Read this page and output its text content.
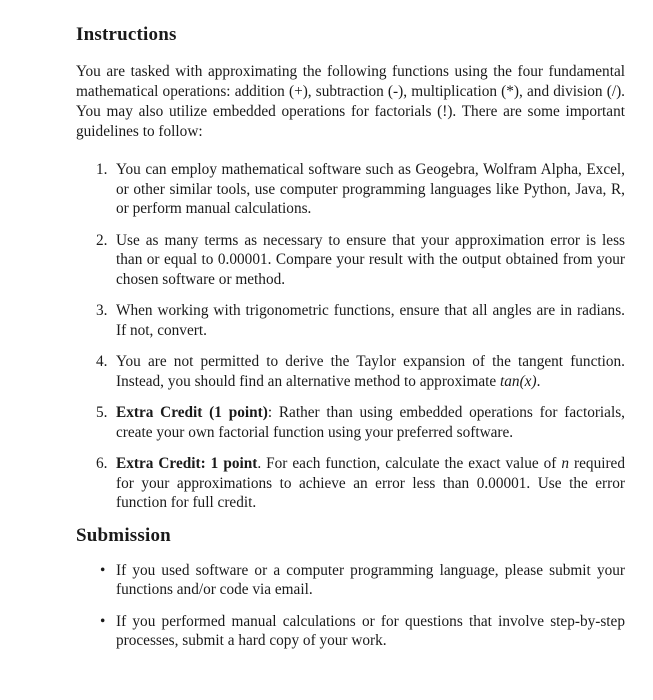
Instructions

You are tasked with approximating the following functions using the four fundamental mathematical operations: addition (+), subtraction (-), multiplication (*), and division (/). You may also utilize embedded operations for factorials (!). There are some important guidelines to follow:

1. You can employ mathematical software such as Geogebra, Wolfram Alpha, Excel, or other similar tools, use computer programming languages like Python, Java, R, or perform manual calculations.
2. Use as many terms as necessary to ensure that your approximation error is less than or equal to 0.00001. Compare your result with the output obtained from your chosen software or method.
3. When working with trigonometric functions, ensure that all angles are in radians. If not, convert.
4. You are not permitted to derive the Taylor expansion of the tangent function. Instead, you should find an alternative method to approximate tan(x).
5. Extra Credit (1 point): Rather than using embedded operations for factorials, create your own factorial function using your preferred software.
6. Extra Credit: 1 point. For each function, calculate the exact value of n required for your approximations to achieve an error less than 0.00001. Use the error function for full credit.
Submission
• If you used software or a computer programming language, please submit your functions and/or code via email.
• If you performed manual calculations or for questions that involve step-by-step processes, submit a hard copy of your work.
